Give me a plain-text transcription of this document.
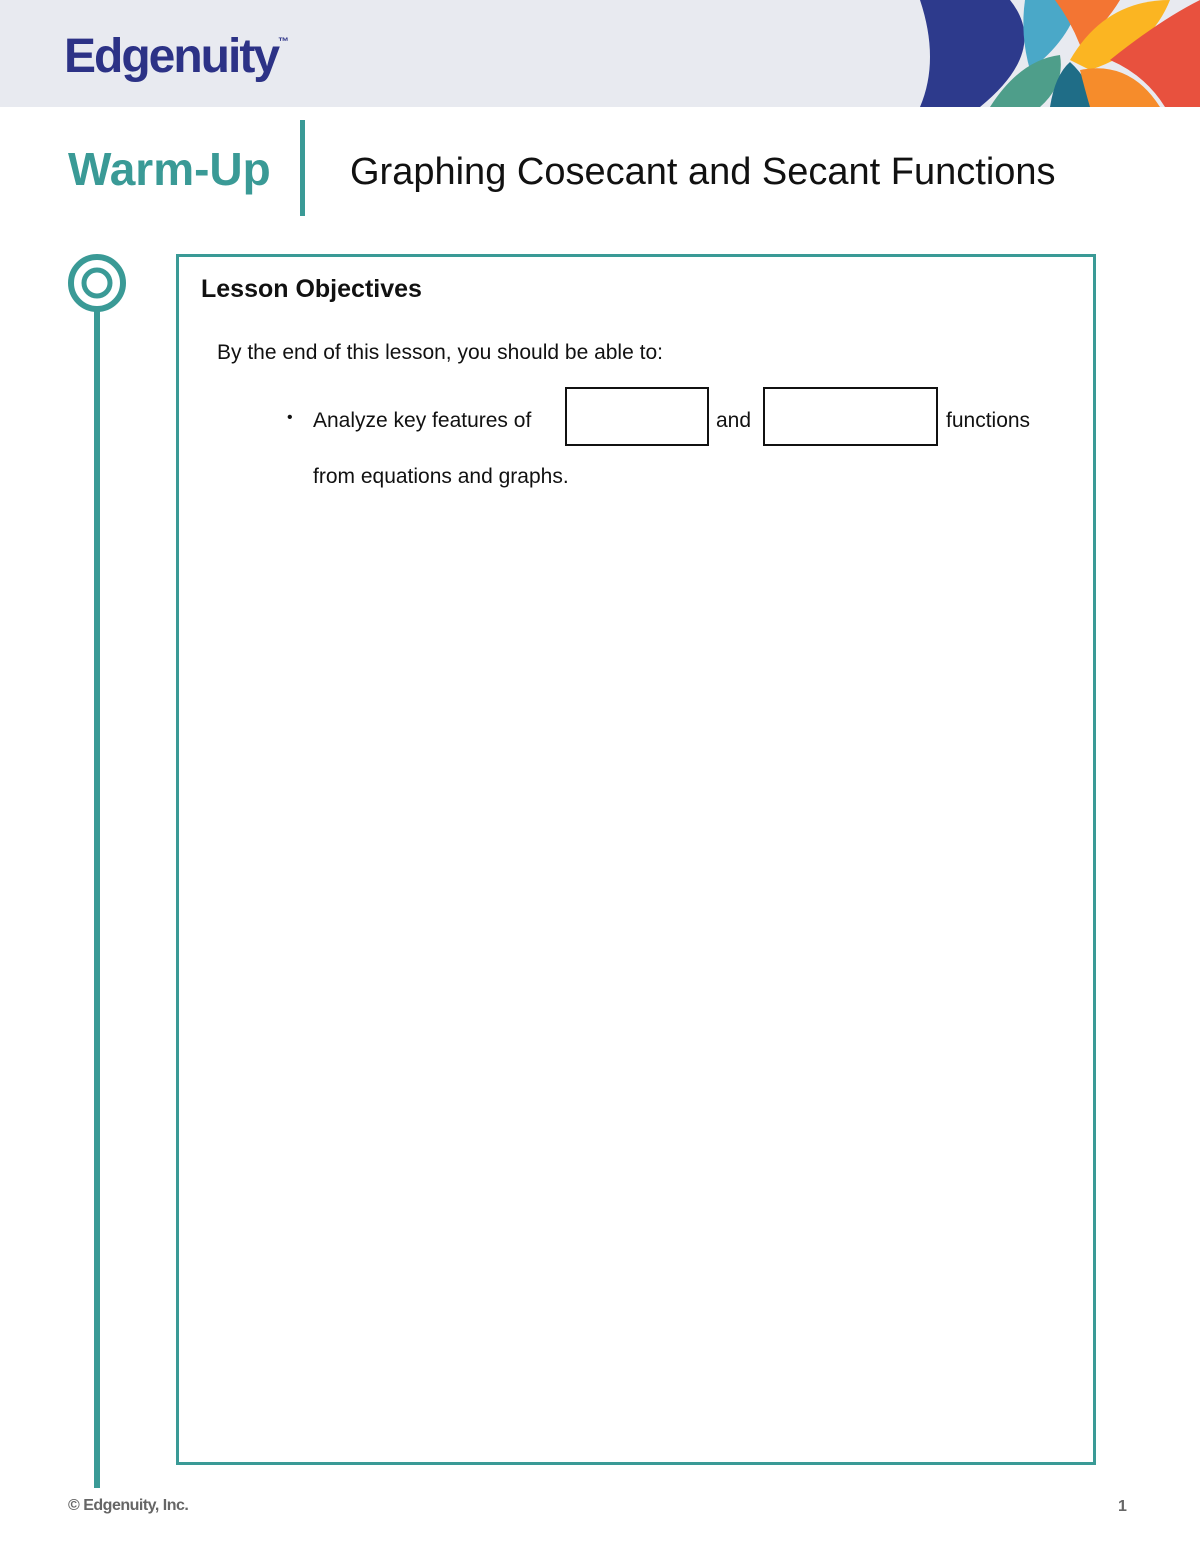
Edgenuity™
Warm-Up Graphing Cosecant and Secant Functions
Lesson Objectives
By the end of this lesson, you should be able to:
• Analyze key features of	and	functions
from equations and graphs.
© Edgenuity, Inc.	1
